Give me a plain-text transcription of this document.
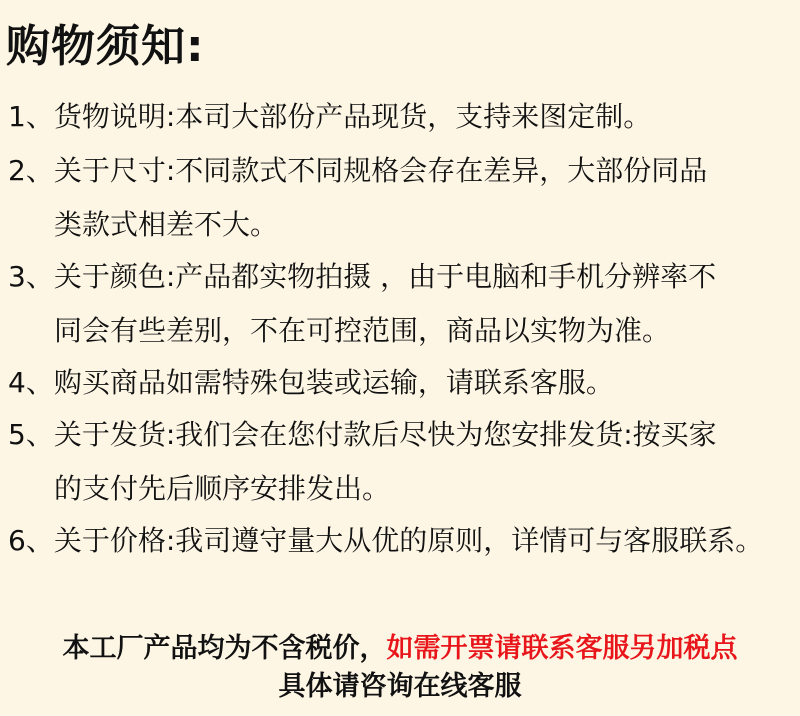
购物须知:
1、货物说明:本司大部份产品现货，支持来图定制。
2、关于尺寸:不同款式不同规格会存在差异，大部份同品
类款式相差不大。
3、关于颜色:产品都实物拍摄 ，由于电脑和手机分辨率不
同会有些差别，不在可控范围，商品以实物为准。
4、购买商品如需特殊包装或运输，请联系客服。
5、关于发货:我们会在您付款后尽快为您安排发货:按买家
的支付先后顺序安排发出。
6、关于价格:我司遵守量大从优的原则，详情可与客服联系。
本工厂产品均为不含税价，如需开票请联系客服另加税点
具体请咨询在线客服
